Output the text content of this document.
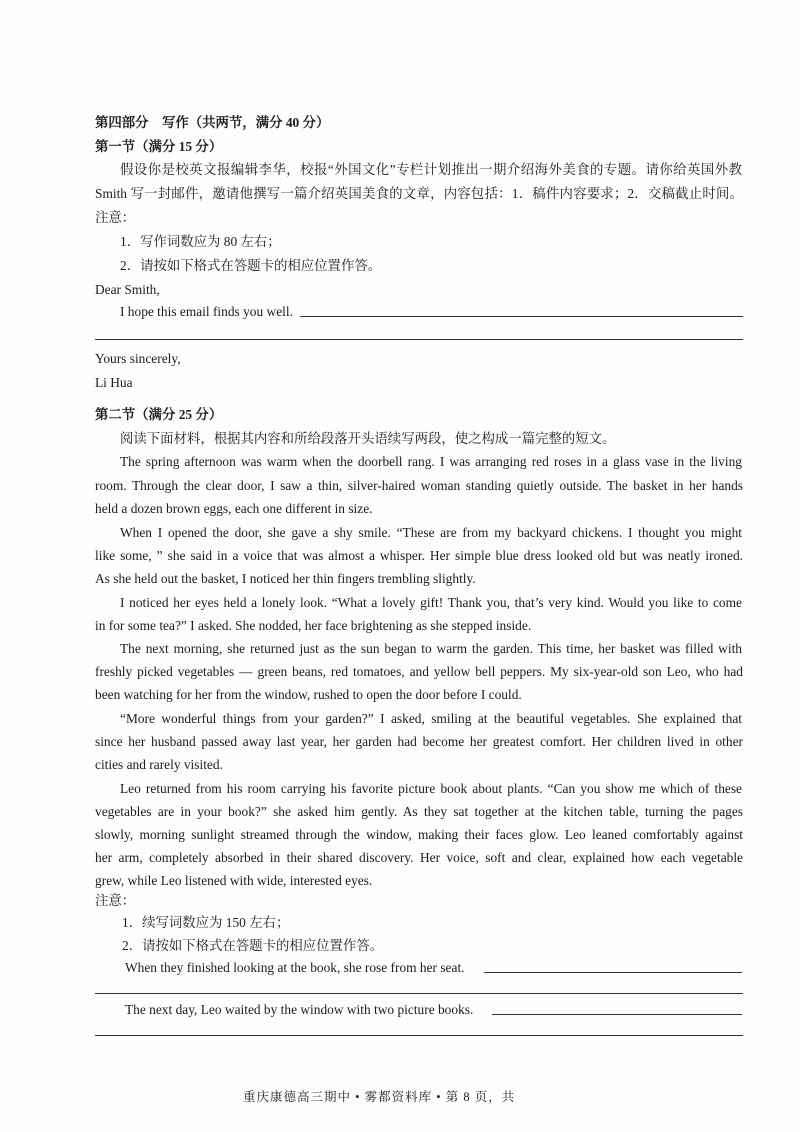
第四部分　写作（共两节，满分 40 分）
第一节（满分 15 分）
假设你是校英文报编辑李华，校报“外国文化”专栏计划推出一期介绍海外美食的专题。请你给英国外教
Smith 写一封邮件，邀请他撰写一篇介绍英国美食的文章，内容包括：1．稿件内容要求；2．交稿截止时间。
注意：
1．写作词数应为 80 左右；
2．请按如下格式在答题卡的相应位置作答。
Dear Smith,
I hope this email finds you well.
Yours sincerely,
Li Hua
第二节（满分 25 分）
阅读下面材料，根据其内容和所给段落开头语续写两段，使之构成一篇完整的短文。
The spring afternoon was warm when the doorbell rang. I was arranging red roses in a glass vase in the living
room. Through the clear door, I saw a thin, silver-haired woman standing quietly outside. The basket in her hands
held a dozen brown eggs, each one different in size.
When I opened the door, she gave a shy smile. “These are from my backyard chickens. I thought you might
like some, ” she said in a voice that was almost a whisper. Her simple blue dress looked old but was neatly ironed.
As she held out the basket, I noticed her thin fingers trembling slightly.
I noticed her eyes held a lonely look. “What a lovely gift! Thank you, that’s very kind. Would you like to come
in for some tea?” I asked. She nodded, her face brightening as she stepped inside.
The next morning, she returned just as the sun began to warm the garden. This time, her basket was filled with
freshly picked vegetables — green beans, red tomatoes, and yellow bell peppers. My six-year-old son Leo, who had
been watching for her from the window, rushed to open the door before I could.
“More wonderful things from your garden?” I asked, smiling at the beautiful vegetables. She explained that
since her husband passed away last year, her garden had become her greatest comfort. Her children lived in other
cities and rarely visited.
Leo returned from his room carrying his favorite picture book about plants. “Can you show me which of these
vegetables are in your book?” she asked him gently. As they sat together at the kitchen table, turning the pages
slowly, morning sunlight streamed through the window, making their faces glow. Leo leaned comfortably against
her arm, completely absorbed in their shared discovery. Her voice, soft and clear, explained how each vegetable
grew, while Leo listened with wide, interested eyes.
注意：
1．续写词数应为 150 左右；
2．请按如下格式在答题卡的相应位置作答。
When they finished looking at the book, she rose from her seat.
The next day, Leo waited by the window with two picture books.
重庆康德高三期中 • 雾都资料库 • 第 8 页，共
